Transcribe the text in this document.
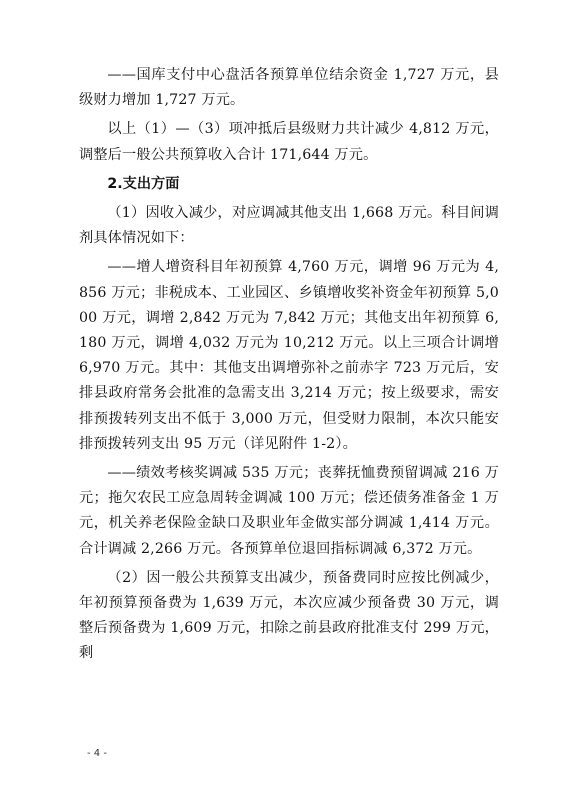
——国库支付中心盘活各预算单位结余资金 1,727 万元，县级财力增加 1,727 万元。

以上（1）—（3）项冲抵后县级财力共计减少 4,812 万元，调整后一般公共预算收入合计 171,644 万元。

2.支出方面

（1）因收入减少，对应调减其他支出 1,668 万元。科目间调剂具体情况如下：

——增人增资科目年初预算 4,760 万元，调增 96 万元为 4,856 万元；非税成本、工业园区、乡镇增收奖补资金年初预算 5,000 万元，调增 2,842 万元为 7,842 万元；其他支出年初预算 6,180 万元，调增 4,032 万元为 10,212 万元。以上三项合计调增 6,970 万元。其中：其他支出调增弥补之前赤字 723 万元后，安排县政府常务会批准的急需支出 3,214 万元；按上级要求，需安排预拨转列支出不低于 3,000 万元，但受财力限制，本次只能安排预拨转列支出 95 万元（详见附件 1-2）。

——绩效考核奖调减 535 万元；丧葬抚恤费预留调减 216 万元；拖欠农民工应急周转金调减 100 万元；偿还债务准备金 1 万元，机关养老保险金缺口及职业年金做实部分调减 1,414 万元。合计调减 2,266 万元。各预算单位退回指标调减 6,372 万元。

（2）因一般公共预算支出减少，预备费同时应按比例减少，年初预算预备费为 1,639 万元，本次应减少预备费 30 万元，调整后预备费为 1,609 万元，扣除之前县政府批准支付 299 万元，剩

- 4 -
